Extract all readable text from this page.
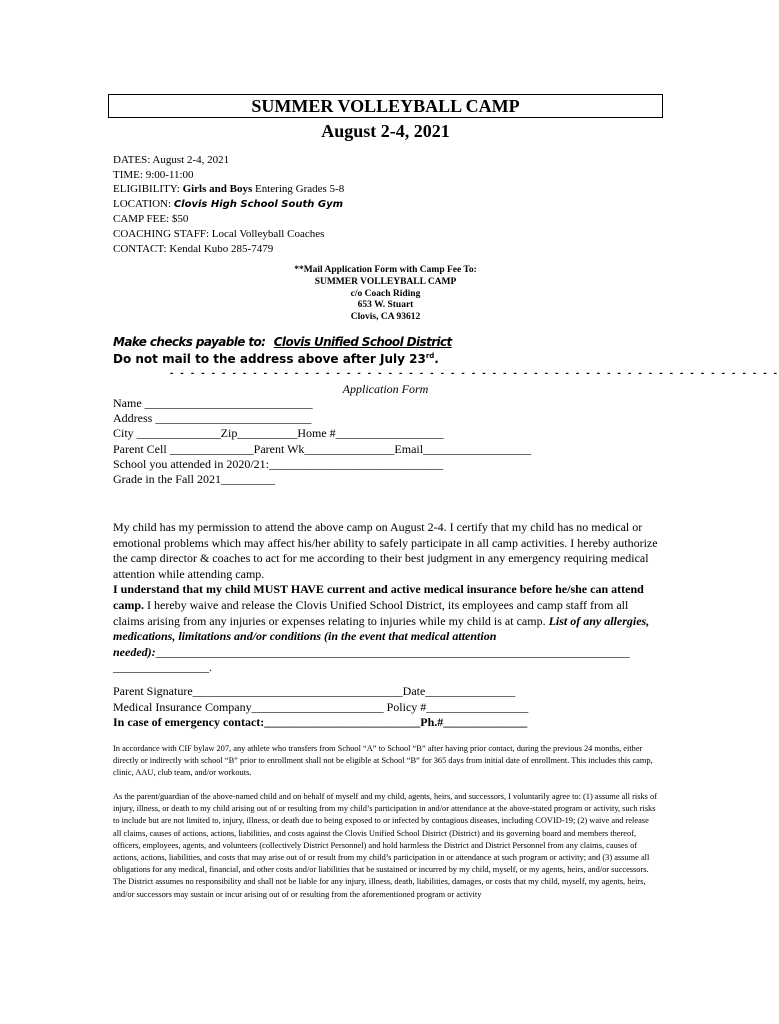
SUMMER VOLLEYBALL CAMP
August 2-4, 2021
DATES: August 2-4, 2021
TIME: 9:00-11:00
ELIGIBILITY: Girls and Boys Entering Grades 5-8
LOCATION: Clovis High School South Gym
CAMP FEE: $50
COACHING STAFF: Local Volleyball Coaches
CONTACT: Kendal Kubo 285-7479
**Mail Application Form with Camp Fee To:
SUMMER VOLLEYBALL CAMP
c/o Coach Riding
653 W. Stuart
Clovis, CA 93612
Make checks payable to: Clovis Unified School District
Do not mail to the address above after July 23rd.
- - - - - - - - - - - - - - - - - - - - - - - - - - - - - - - - - - - - - - - - - - - - - - - - - - - - - - - - - - -
Application Form
Name ____________________________
Address __________________________
City ______________Zip__________Home #__________________
Parent Cell ______________Parent Wk_______________Email__________________
School you attended in 2020/21:_____________________________
Grade in the Fall 2021_________

My child has my permission to attend the above camp on August 2-4. I certify that my child has no medical or emotional problems which may affect his/her ability to safely participate in all camp activities. I hereby authorize the camp director & coaches to act for me according to their best judgment in any emergency requiring medical attention while attending camp.

I understand that my child MUST HAVE current and active medical insurance before he/she can attend camp. I hereby waive and release the Clovis Unified School District, its employees and camp staff from all claims arising from any injuries or expenses relating to injuries while my child is at camp. List of any allergies, medications, limitations and/or conditions (in the event that medical attention needed):_______________________________________________________________________________

________________.
Parent Signature___________________________________Date_______________
Medical Insurance Company______________________ Policy #_________________
In case of emergency contact:__________________________Ph.#______________

In accordance with CIF bylaw 207, any athlete who transfers from School “A” to School “B” after having prior contact, during the previous 24 months, either directly or indirectly with school “B” prior to enrollment shall not be eligible at School “B” for 365 days from initial date of enrollment. This includes this camp, clinic, AAU, club team, and/or workouts.

As the parent/guardian of the above-named child and on behalf of myself and my child, agents, heirs, and successors, I voluntarily agree to: (1) assume all risks of injury, illness, or death to my child arising out of or resulting from my child’s participation in and/or attendance at the above-stated program or activity, such risks to include but are not limited to, injury, illness, or death due to being exposed to or infected by contagious diseases, including COVID-19; (2) waive and release all claims, causes of actions, actions, liabilities, and costs against the Clovis Unified School District (District) and its governing board and members thereof, officers, employees, agents, and volunteers (collectively District Personnel) and hold harmless the District and District Personnel from any claims, causes of actions, actions, liabilities, and costs that may arise out of or result from my child’s participation in or attendance at such program or activity; and (3) assume all obligations for any medical, financial, and other costs and/or liabilities that be sustained or incurred by my child, myself, or my agents, heirs, and/or successors. The District assumes no responsibility and shall not be liable for any injury, illness, death, liabilities, damages, or costs that my child, myself, my agents, heirs, and/or successors may sustain or incur arising out of or resulting from the aforementioned program or activity
